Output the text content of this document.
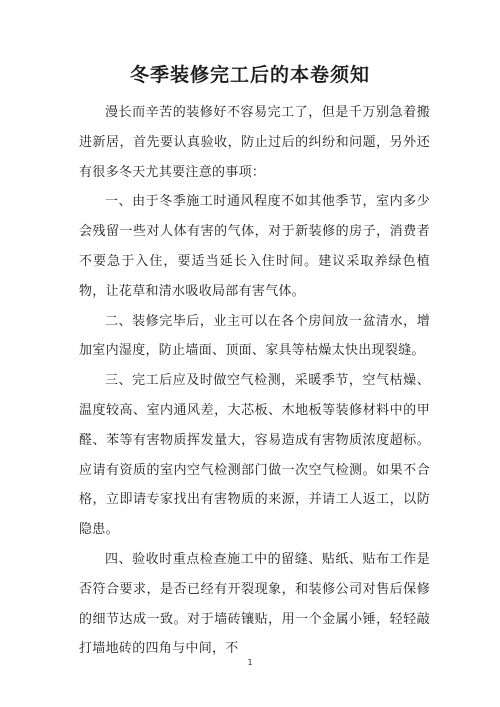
冬季装修完工后的本卷须知

漫长而辛苦的装修好不容易完工了，但是千万别急着搬进新居，首先要认真验收，防止过后的纠纷和问题，另外还有很多冬天尤其要注意的事项：

一、由于冬季施工时通风程度不如其他季节，室内多少会残留一些对人体有害的气体，对于新装修的房子，消费者不要急于入住，要适当延长入住时间。建议采取养绿色植物，让花草和清水吸收局部有害气体。

二、装修完毕后，业主可以在各个房间放一盆清水，增加室内湿度，防止墙面、顶面、家具等枯燥太快出现裂缝。

三、完工后应及时做空气检测，采暖季节，空气枯燥、温度较高、室内通风差，大芯板、木地板等装修材料中的甲醛、苯等有害物质挥发量大，容易造成有害物质浓度超标。应请有资质的室内空气检测部门做一次空气检测。如果不合格，立即请专家找出有害物质的来源，并请工人返工，以防隐患。

四、验收时重点检查施工中的留缝、贴纸、贴布工作是否符合要求，是否已经有开裂现象，和装修公司对售后保修的细节达成一致。对于墙砖镶贴，用一个金属小锤，轻轻敲打墙地砖的四角与中间，不

1
